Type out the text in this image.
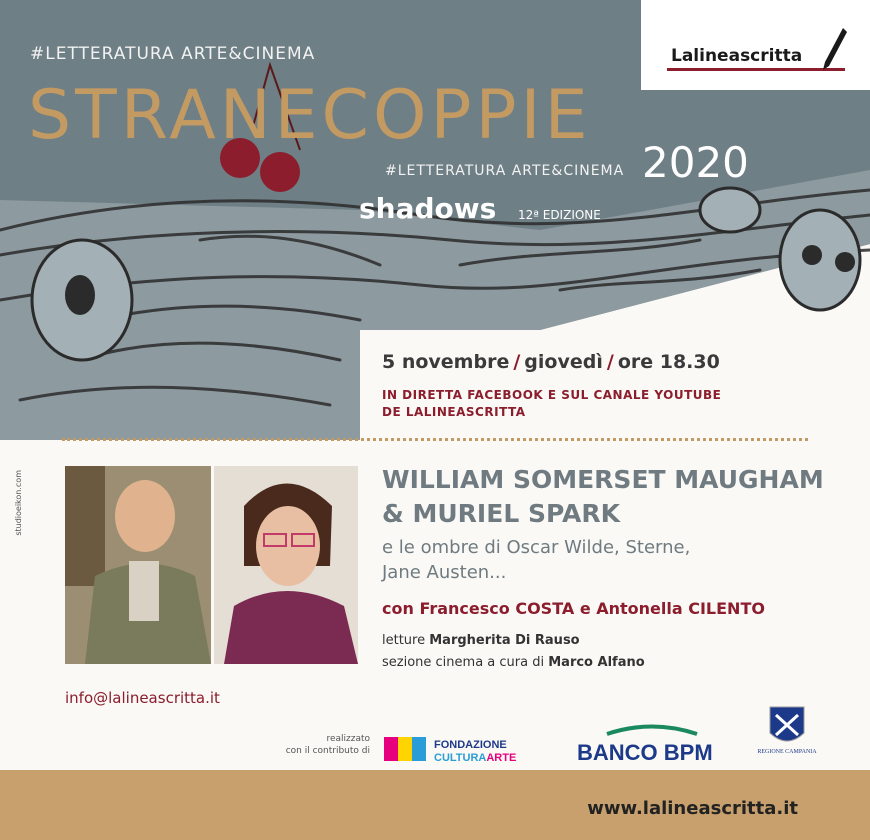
#LETTERATURA ARTE&CINEMA
STRANECOPPIE
#LETTERATURA ARTE&CINEMA 2020
shadows 12ª EDIZIONE
Lalineascritta
5 novembre / giovedì / ore 18.30
IN DIRETTA FACEBOOK E SUL CANALE YOUTUBE
DE LALINEASCRITTA
studioeikon.com	WILLIAM SOMERSET MAUGHAM
& MURIEL SPARK
e le ombre di Oscar Wilde, Sterne,
Jane Austen...
con Francesco COSTA e Antonella CILENTO
letture Margherita Di Rauso
sezione cinema a cura di Marco Alfano
info@lalineascritta.it
realizzato
con il contributo di	FONDAZIONE
CULTURAARTE	BANCO BPM	REGIONE CAMPANIA
www.lalineascritta.it
